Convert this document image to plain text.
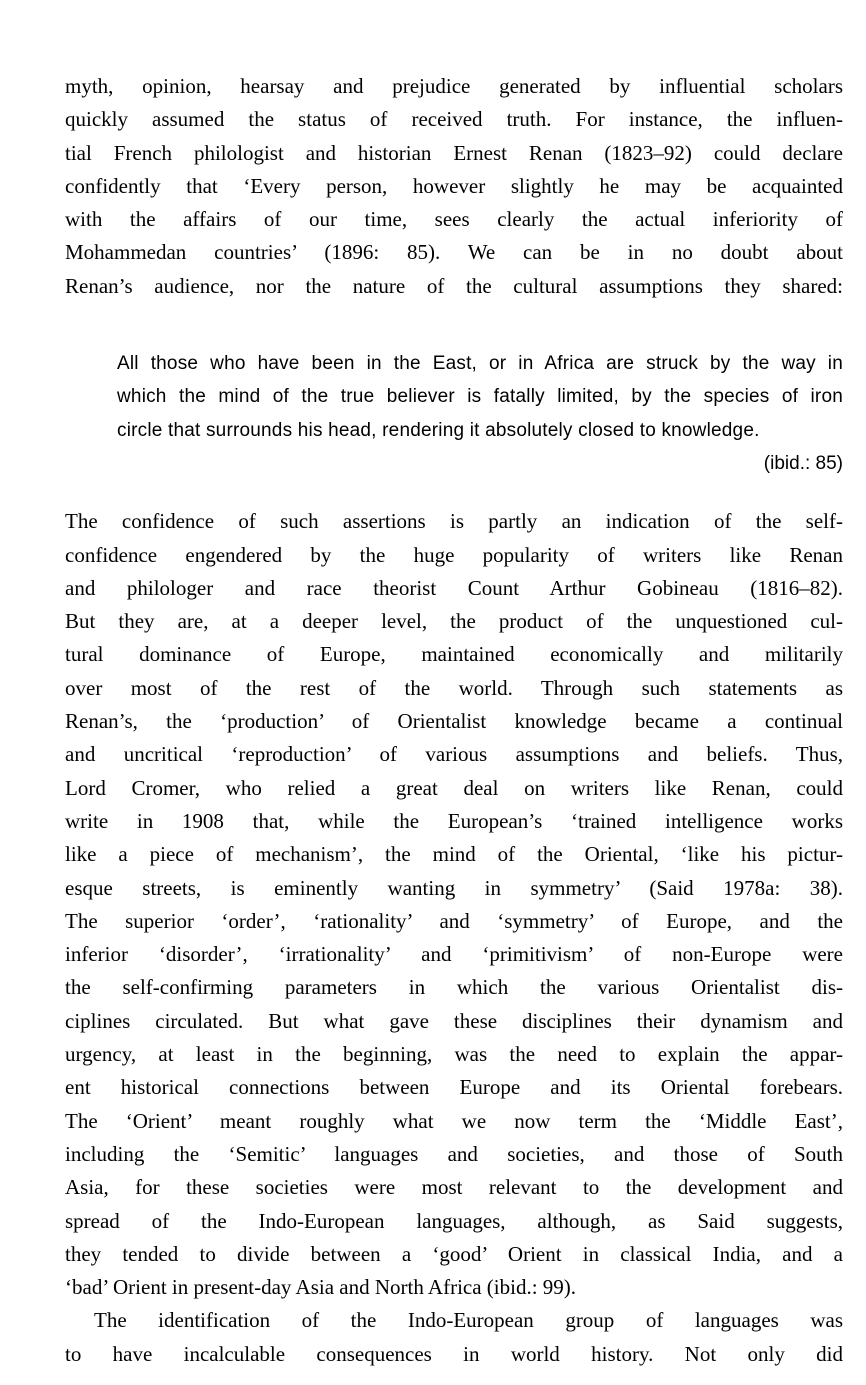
myth, opinion, hearsay and prejudice generated by influential scholars
quickly assumed the status of received truth. For instance, the influen-
tial French philologist and historian Ernest Renan (1823–92) could declare
confidently that ‘Every person, however slightly he may be acquainted
with the affairs of our time, sees clearly the actual inferiority of
Mohammedan countries’ (1896: 85). We can be in no doubt about
Renan’s audience, nor the nature of the cultural assumptions they shared:
All those who have been in the East, or in Africa are struck by the way in
which the mind of the true believer is fatally limited, by the species of iron
circle that surrounds his head, rendering it absolutely closed to knowledge.
(ibid.: 85)
The confidence of such assertions is partly an indication of the self-
confidence engendered by the huge popularity of writers like Renan
and philologer and race theorist Count Arthur Gobineau (1816–82).
But they are, at a deeper level, the product of the unquestioned cul-
tural dominance of Europe, maintained economically and militarily
over most of the rest of the world. Through such statements as
Renan’s, the ‘production’ of Orientalist knowledge became a continual
and uncritical ‘reproduction’ of various assumptions and beliefs. Thus,
Lord Cromer, who relied a great deal on writers like Renan, could
write in 1908 that, while the European’s ‘trained intelligence works
like a piece of mechanism’, the mind of the Oriental, ‘like his pictur-
esque streets, is eminently wanting in symmetry’ (Said 1978a: 38).
The superior ‘order’, ‘rationality’ and ‘symmetry’ of Europe, and the
inferior ‘disorder’, ‘irrationality’ and ‘primitivism’ of non-Europe were
the self-confirming parameters in which the various Orientalist dis-
ciplines circulated. But what gave these disciplines their dynamism and
urgency, at least in the beginning, was the need to explain the appar-
ent historical connections between Europe and its Oriental forebears.
The ‘Orient’ meant roughly what we now term the ‘Middle East’,
including the ‘Semitic’ languages and societies, and those of South
Asia, for these societies were most relevant to the development and
spread of the Indo-European languages, although, as Said suggests,
they tended to divide between a ‘good’ Orient in classical India, and a
‘bad’ Orient in present-day Asia and North Africa (ibid.: 99).
The identification of the Indo-European group of languages was
to have incalculable consequences in world history. Not only did
